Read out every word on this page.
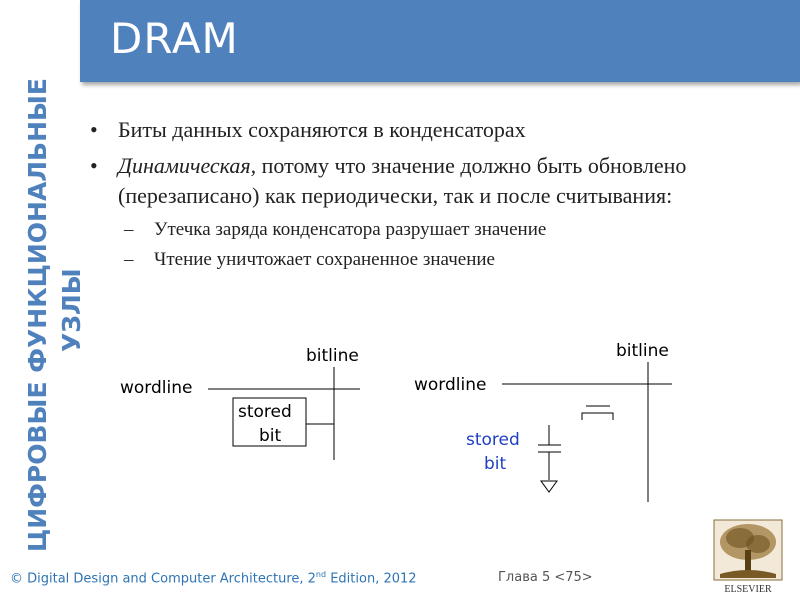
ЦИФРОВЫЕ ФУНКЦИОНАЛЬНЫЕ УЗЛЫ
DRAM
• Биты данных сохраняются в конденсаторах
• Динамическая, потому что значение должно быть обновлено (перезаписано) как периодически, так и после считывания:
– Утечка заряда конденсатора разрушает значение
– Чтение уничтожает сохраненное значение
bitline
wordline
stored
bit
bitline
wordline
stored
bit
© Digital Design and Computer Architecture, 2nd Edition, 2012	Глава 5 <75>
ELSEVIER
